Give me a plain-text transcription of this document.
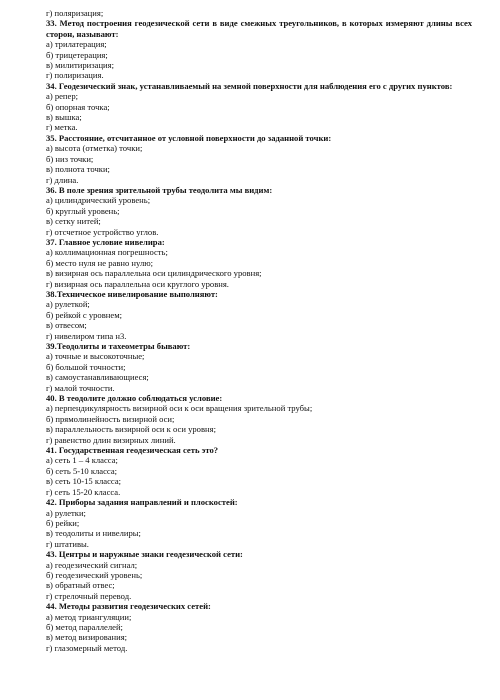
г) поляризация;
33. Метод построения геодезической сети в виде смежных треугольников, в которых измеряют длины всех сторон, называют:
а) трилатерация;
б) трицетерация;
в) милитиризация;
г) полиризация.
34. Геодезический знак, устанавливаемый на земной поверхности для наблюдения его с других пунктов:
а) репер;
б) опорная точка;
в) вышка;
г) метка.
35. Расстояние, отсчитанное от условной поверхности до заданной точки:
а) высота (отметка) точки;
б) низ точки;
в) полнота точки;
г) длина.
36. В поле зрения зрительной трубы теодолита мы видим:
а) цилиндрический уровень;
б) круглый уровень;
в) сетку нитей;
г) отсчетное устройство углов.
37. Главное условие нивелира:
а) коллимационная погрешность;
б) место нуля не равно нулю;
в) визирная ось параллельна оси цилиндрического уровня;
г) визирная ось параллельна оси круглого уровня.
38.Техническое нивелирование выполняют:
а) рулеткой;
б) рейкой с уровнем;
в) отвесом;
г) нивелиром типа н3.
39.Теодолиты и тахеометры бывают:
а) точные и высокоточные;
б) большой точности;
в) самоустанавливающиеся;
г) малой точности.
40. В теодолите должно соблюдаться условие:
а) перпендикулярность визирной оси к оси вращения зрительной трубы;
б) прямолинейность визирной оси;
в) параллельность визирной оси к оси уровня;
г) равенство длин визирных линий.
41. Государственная геодезическая сеть это?
а) сеть 1 – 4 класса;
б) сеть 5-10 класса;
в) сеть 10-15 класса;
г) сеть 15-20 класса.
42. Приборы задания направлений и плоскостей:
а) рулетки;
б) рейки;
в) теодолиты и нивелиры;
г) штативы.
43. Центры и наружные знаки геодезической сети:
а) геодезический сигнал;
б) геодезический уровень;
в) обратный отвес;
г) стрелочный перевод.
44. Методы развития геодезических сетей:
а) метод триангуляции;
б) метод параллелей;
в) метод визирования;
г) глазомерный метод.
